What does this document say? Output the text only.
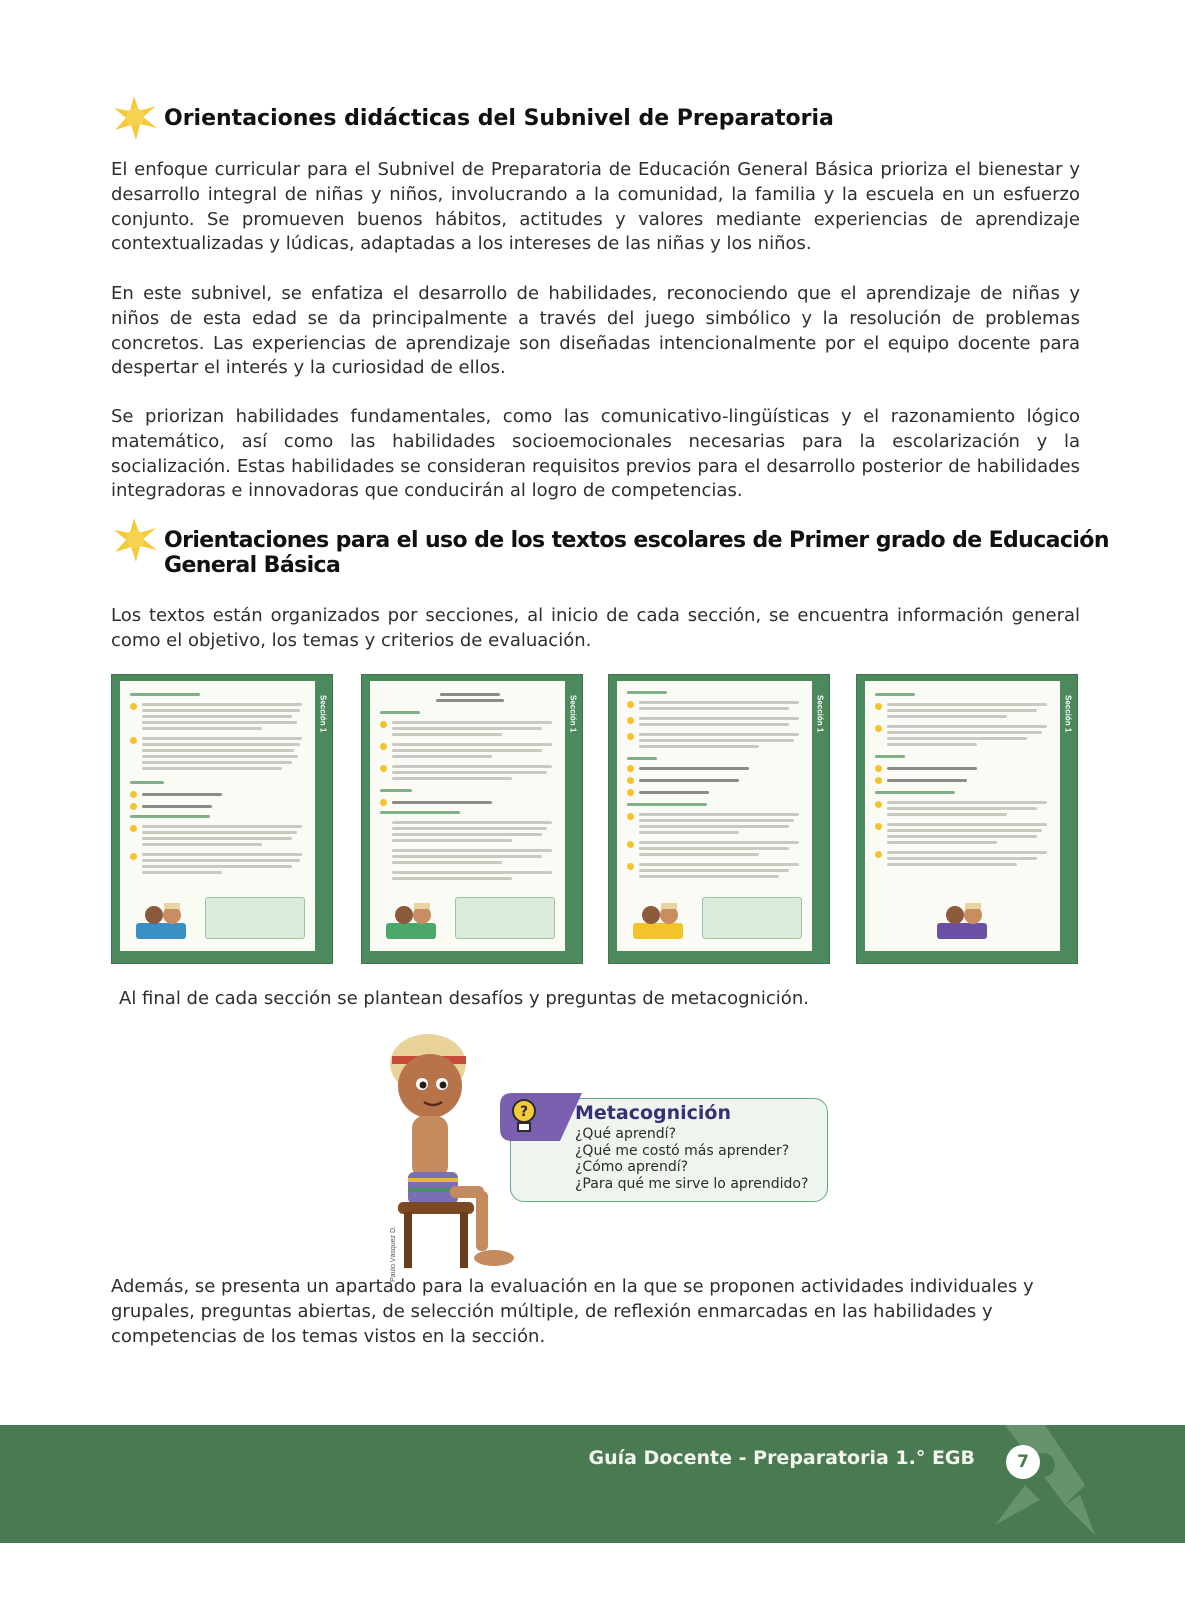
Orientaciones didácticas del Subnivel de Preparatoria

El enfoque curricular para el Subnivel de Preparatoria de Educación General Básica prioriza el bienestar y desarrollo integral de niñas y niños, involucrando a la comunidad, la familia y la escuela en un esfuerzo conjunto. Se promueven buenos hábitos, actitudes y valores mediante experiencias de aprendizaje contextualizadas y lúdicas, adaptadas a los intereses de las niñas y los niños.

En este subnivel, se enfatiza el desarrollo de habilidades, reconociendo que el aprendizaje de niñas y niños de esta edad se da principalmente a través del juego simbólico y la resolución de problemas concretos. Las experiencias de aprendizaje son diseñadas intencionalmente por el equipo docente para despertar el interés y la curiosidad de ellos.

Se priorizan habilidades fundamentales, como las comunicativo-lingüísticas y el razonamiento lógico matemático, así como las habilidades socioemocionales necesarias para la escolarización y la socialización. Estas habilidades se consideran requisitos previos para el desarrollo posterior de habilidades integradoras e innovadoras que conducirán al logro de competencias.

Orientaciones para el uso de los textos escolares de Primer grado de Educación
General Básica

Los textos están organizados por secciones, al inicio de cada sección, se encuentra información general como el objetivo, los temas y criterios de evaluación.

Sección 1	Sección 1	Sección 1	Sección 1

Al final de cada sección se plantean desafíos y preguntas de metacognición.

Paulo Vásquez D.
? Metacognición
¿Qué aprendí?
¿Qué me costó más aprender?
¿Cómo aprendí?
¿Para qué me sirve lo aprendido?

Además, se presenta un apartado para la evaluación en la que se proponen actividades individuales y grupales, preguntas abiertas, de selección múltiple, de reflexión enmarcadas en las habilidades y competencias de los temas vistos en la sección.

Guía Docente - Preparatoria 1.° EGB	7
